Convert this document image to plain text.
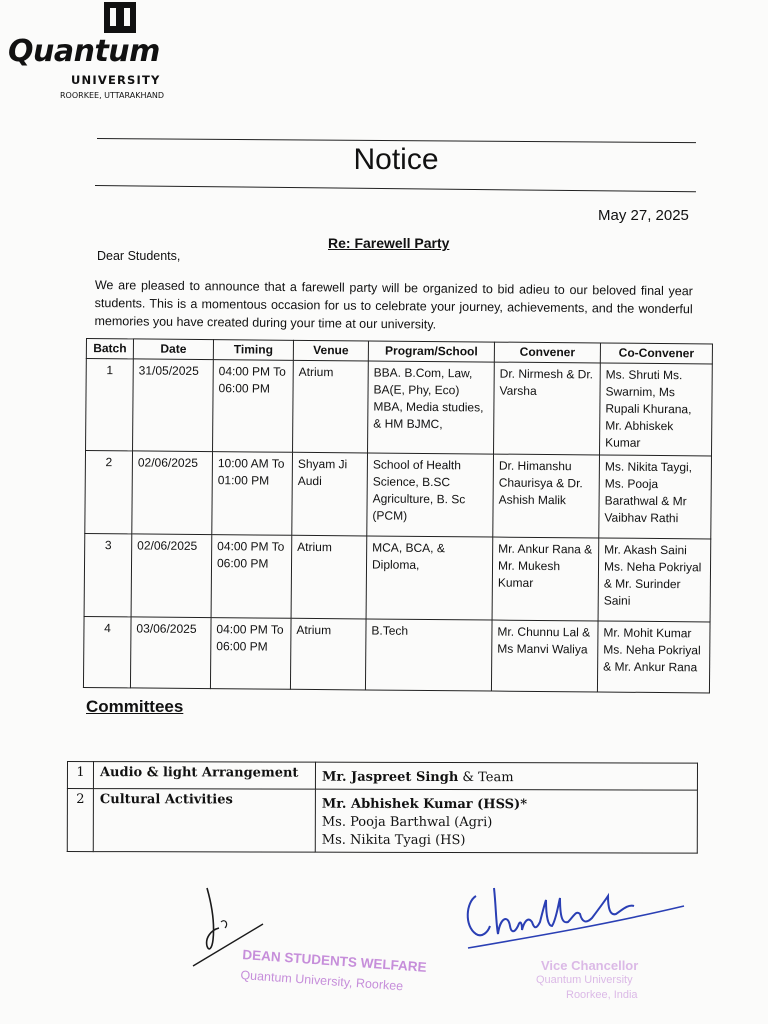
Quantum
UNIVERSITY
ROORKEE, UTTARAKHAND
Notice
May 27, 2025
Re: Farewell Party
Dear Students,
We are pleased to announce that a farewell party will be organized to bid adieu to our beloved final year students. This is a momentous occasion for us to celebrate your journey, achievements, and the wonderful memories you have created during your time at our university.
Batch	Date	Timing	Venue	Program/School	Convener	Co-Convener
1	31/05/2025	04:00 PM To 06:00 PM	Atrium	BBA. B.Com, Law, BA(E, Phy, Eco) MBA, Media studies, & HM BJMC,	Dr. Nirmesh & Dr. Varsha	Ms. Shruti Ms. Swarnim, Ms Rupali Khurana, Mr. Abhiskek Kumar
2	02/06/2025	10:00 AM To 01:00 PM	Shyam Ji Audi	School of Health Science, B.SC Agriculture, B. Sc (PCM)	Dr. Himanshu Chaurisya & Dr. Ashish Malik	Ms. Nikita Taygi, Ms. Pooja Barathwal & Mr Vaibhav Rathi
3	02/06/2025	04:00 PM To 06:00 PM	Atrium	MCA, BCA, & Diploma,	Mr. Ankur Rana & Mr. Mukesh Kumar	Mr. Akash Saini Ms. Neha Pokriyal & Mr. Surinder Saini
4	03/06/2025	04:00 PM To 06:00 PM	Atrium	B.Tech	Mr. Chunnu Lal & Ms Manvi Waliya	Mr. Mohit Kumar Ms. Neha Pokriyal & Mr. Ankur Rana
Committees
1	Audio & light Arrangement	Mr. Jaspreet Singh & Team
2	Cultural Activities	Mr. Abhishek Kumar (HSS)*
Ms. Pooja Barthwal (Agri)
Ms. Nikita Tyagi (HS)
DEAN STUDENTS WELFARE
Quantum University, Roorkee
Vice Chancellor
Quantum University
Roorkee, India
